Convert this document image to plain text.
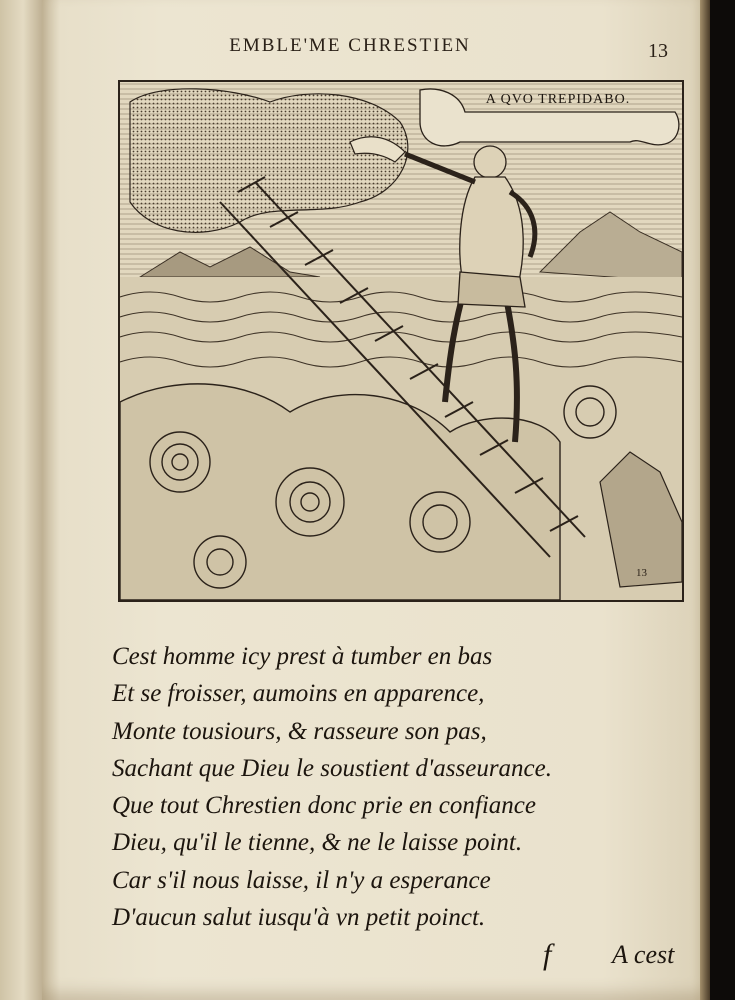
EMBLE'ME CHRESTIEN	13
A QVO TREPIDABO.
13
Cest homme icy prest à tumber en bas
Et se froisser, aumoins en apparence,
Monte tousiours, & rasseure son pas,
Sachant que Dieu le soustient d'asseurance.
Que tout Chrestien donc prie en confiance
Dieu, qu'il le tienne, & ne le laisse point.
Car s'il nous laisse, il n'y a esperance
D'aucun salut iusqu'à vn petit poinct.
f A cest
